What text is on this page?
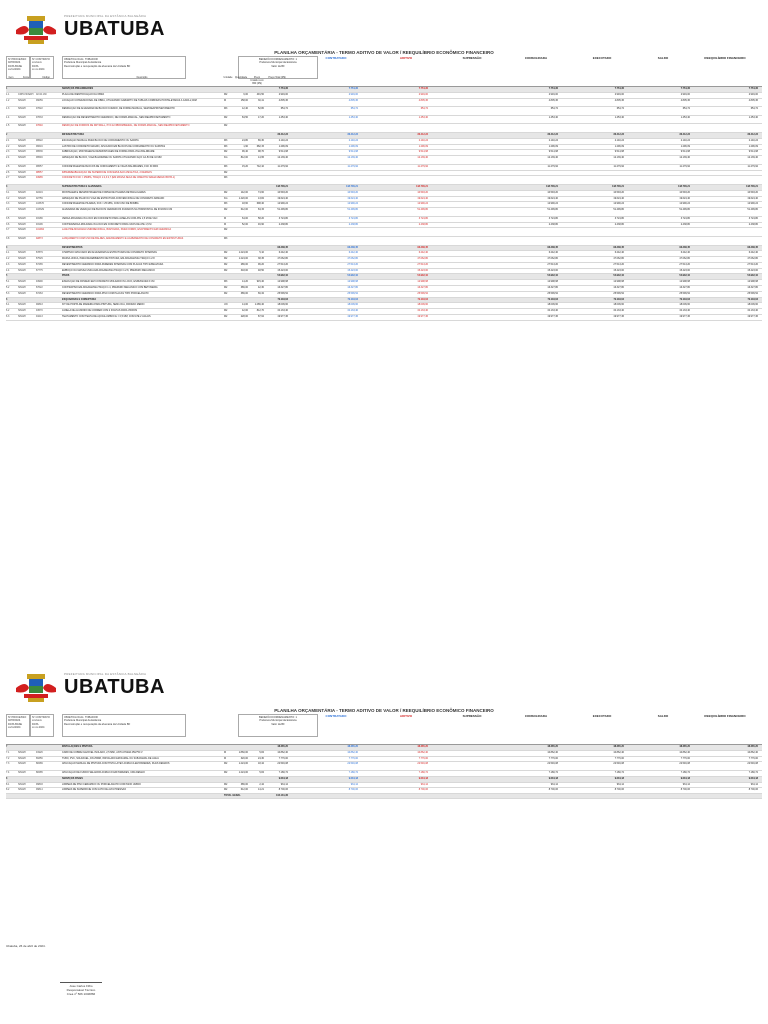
PREFEITURA MUNICIPAL DA ESTÂNCIA BALNEÁRIA
UBATUBA
PLANILHA ORÇAMENTÁRIA - TERMO ADITIVO DE VALOR / REEQUILÍBRIO ECONÔMICO FINANCEIRO
Nº PROCESSO
9278/2024
DATA BASE
xx/xx/2024
Nº CONTRATO
xxx/xxxx
DATA
xx.xx.2024
OBJETO/LOCAL: TOBADOR
Prefeitura Municipal da Estância
Reconstrução e recuperação da alvenaria da Unidade BF
BENEFÍCIO/ORDENAMENTO: 1
Prefeitura Municipal da Estância
Valor da BF
CONTRATADO	ADITIVO	SUPRESSÃO	CONSOLIDADA	EXECUTADO	SALDO	REEQUILÍBRIO FINANCEIRO
Item	Fonte	Código	Descrição	Unidade Quantidade	Preço Unitário com BDI (R$)
Preço Total (R$)
1	SERVIÇOS PRELIMINARES	7.754,36	7.754,36	7.754,36	7.754,36	7.754,36	7.754,36	7.754,36
1.1	CDHU/SINAPI 02.02.130	PLACA DE IDENTIFICAÇÃO DA OBRA	M2	6,00	491,50	2.949,00	2.949,00	2.949,00	2.949,00	2.949,00	2.949,00	2.949,00
1.2	SINAPI	99059	LOCAÇÃO CONVENCIONAL DE OBRA, UTILIZANDO GABARITO DE TÁBUAS CORRIDAS PONTALETADAS A CADA 2,00M	M	158,00	30,41	4.805,36	4.805,36	4.805,36	4.805,36	4.805,36	4.805,36	4.805,36
1.3	SINAPI	97622	DEMOLIÇÃO DE ALVENARIA DE BLOCO FURADO, DE FORMA MANUAL, SEM REAPROVEITAMENTO	M3	12,40	52,80	654,72	654,72	654,72	654,72	654,72	654,72	654,72
1.4	SINAPI	97633	DEMOLIÇÃO DE REVESTIMENTO CERÂMICO, DE FORMA MANUAL, SEM REAPROVEITAMENTO	M2	84,50	17,20	1.453,40	1.453,40	1.453,40	1.453,40	1.453,40	1.453,40	1.453,40
1.5	SINAPI	97640	REMOÇÃO DE FORROS DE DRYWALL, PVC E FIBROMINERAL, DE FORMA MANUAL, SEM REAPROVEITAMENTO	M2
2	INFRAESTRUTURA	36.412,22	36.412,22	36.412,22	36.412,22	36.412,22	36.412,22	36.412,22
2.1	SINAPI	96522	ESCAVAÇÃO MANUAL PARA BLOCO DE COROAMENTO OU SAPATA	M3	24,80	86,30	2.140,24	2.140,24	2.140,24	2.140,24	2.140,24	2.140,24	2.140,24
2.2	SINAPI	96616	LASTRO DE CONCRETO MAGRO, APLICADO EM BLOCOS DE COROAMENTO OU SAPATAS	M3	1,90	682,15	1.296,09	1.296,09	1.296,09	1.296,09	1.296,09	1.296,09	1.296,09
2.3	SINAPI	96536	FABRICAÇÃO, MONTAGEM E DESMONTAGEM DE FÔRMA PARA VIGA BALDRAME	M2	96,40	98,70	9.514,68	9.514,68	9.514,68	9.514,68	9.514,68	9.514,68	9.514,68
2.4	SINAPI	96546	ARMAÇÃO DE BLOCO, VIGA BALDRAME OU SAPATA UTILIZANDO AÇO CA-50 DE 10 MM	KG	812,00	14,95	12.139,40	12.139,40	12.139,40	12.139,40	12.139,40	12.139,40	12.139,40
2.5	SINAPI	96557	CONCRETAGEM DE BLOCOS DE COROAMENTO E VIGAS BALDRAMES, FCK 30 MPA	M3	15,20	742,10	11.279,92	11.279,92	11.279,92	11.279,92	11.279,92	11.279,92	11.279,92
2.6	SINAPI	98557	IMPERMEABILIZAÇÃO DE SUPERFÍCIE COM EMULSÃO ASFÁLTICA, 2 DEMÃOS	M2
2.7	SINAPI	94965	CONCRETO FCK = 25MPA, TRAÇO 1:2,3:2,7 (EM MASSA SECA DE CIMENTO/ AREIA MÉDIA/ BRITA 1)	M3
3	SUPRAESTRUTURA E ALVENARIA	118.706,21	118.706,21	118.706,21	118.706,21	118.706,21	118.706,21	118.706,21
3.1	SINAPI	92419	MONTAGEM E DESMONTAGEM DE FÔRMA DE PILARES RETANGULARES	M2	142,00	74,60	10.593,20	10.593,20	10.593,20	10.593,20	10.593,20	10.593,20	10.593,20
3.2	SINAPI	92759	ARMAÇÃO DE PILAR OU VIGA DE ESTRUTURA CONVENCIONAL DE CONCRETO ARMADO	KG	1.420,00	13,82	19.624,40	19.624,40	19.624,40	19.624,40	19.624,40	19.624,40	19.624,40
3.3	SINAPI	103670	CONCRETAGEM DE PILARES, FCK = 25 MPA, COM USO DE BOMBA	M3	18,60	698,40	12.990,24	12.990,24	12.990,24	12.990,24	12.990,24	12.990,24	12.990,24
3.4	SINAPI	103329	ALVENARIA DE VEDAÇÃO DE BLOCOS CERÂMICOS FURADOS NA HORIZONTAL DE 9X19X19 CM	M2	612,00	84,15	51.499,80	51.499,80	51.499,80	51.499,80	51.499,80	51.499,80	51.499,80
3.5	SINAPI	93186	VERGA MOLDADA IN LOCO EM CONCRETO PARA JANELAS COM ATÉ 1,5 M DE VÃO	M	64,00	58,20	3.724,80	3.724,80	3.724,80	3.724,80	3.724,80	3.724,80	3.724,80
3.6	SINAPI	93196	CONTRAVERGA MOLDADA IN LOCO EM CONCRETO PARA VÃOS DE ATÉ 1,5 M	M	52,00	46,90	2.438,80	2.438,80	2.438,80	2.438,80	2.438,80	2.438,80	2.438,80
3.7	SINAPI	101964	LAJE PRÉ-MOLDADA UNIDIRECIONAL, BIAPOIADA, PARA FORRO, ENCHIMENTO EM CERÂMICA	M2
3.8	SINAPI	92873	LANÇAMENTO COM USO DE BALDES, ADENSAMENTO E ACABAMENTO DE CONCRETO EM ESTRUTURAS	M3
4	REVESTIMENTOS	96.238,45	96.238,45	96.238,45	96.238,45	96.238,45	96.238,45	96.238,45
4.1	SINAPI	87879	CHAPISCO APLICADO EM ALVENARIAS E ESTRUTURAS DE CONCRETO INTERNAS	M2	1.224,00	5,10	6.242,40	6.242,40	6.242,40	6.242,40	6.242,40	6.242,40	6.242,40
4.2	SINAPI	87529	MASSA ÚNICA, PARA RECEBIMENTO DE PINTURA, EM ARGAMASSA TRAÇO 1:2:8	M2	1.224,00	38,45	47.062,80	47.062,80	47.062,80	47.062,80	47.062,80	47.062,80	47.062,80
4.3	SINAPI	87265	REVESTIMENTO CERÂMICO PARA PAREDES INTERNAS COM PLACAS TIPO ESMALTADA	M2	286,00	96,20	27.513,20	27.513,20	27.513,20	27.513,20	27.513,20	27.513,20	27.513,20
4.4	SINAPI	87775	EMBOÇO OU MASSA ÚNICA EM ARGAMASSA TRAÇO 1:2:8, PREPARO MECÂNICO	M2	318,00	48,50	15.423,00	15.423,00	15.423,00	15.423,00	15.423,00	15.423,00	15.423,00
5	PISOS	54.902,10	54.902,10	54.902,10	54.902,10	54.902,10	54.902,10	54.902,10
5.1	SINAPI	94990	EXECUÇÃO DE PASSEIO EM CONCRETO MOLDADO IN LOCO, ESPESSURA 6 CM	M3	14,20	915,40	12.998,68	12.998,68	12.998,68	12.998,68	12.998,68	12.998,68	12.998,68
5.2	SINAPI	87622	CONTRAPISO EM ARGAMASSA TRAÇO 1:4, PREPARO MECÂNICO COM BETONEIRA	M2	386,00	42,30	16.327,80	16.327,80	16.327,80	16.327,80	16.327,80	16.327,80	16.327,80
5.3	SINAPI	87263	REVESTIMENTO CERÂMICO PARA PISO COM PLACAS TIPO PORCELANATO	M2	386,00	66,32	25.599,52	25.599,52	25.599,52	25.599,52	25.599,52	25.599,52	25.599,52
6	ESQUADRIAS E COBERTURA	72.118,64	72.118,64	72.118,64	72.118,64	72.118,64	72.118,64	72.118,64
6.1	SINAPI	90843	KIT DE PORTA DE MADEIRA PARA PINTURA, SEMI-OCA, PADRÃO MÉDIO	UN	14,00	1.286,40	18.009,60	18.009,60	18.009,60	18.009,60	18.009,60	18.009,60	18.009,60
6.2	SINAPI	94570	JANELA DE ALUMÍNIO DE CORRER COM 2 FOLHAS PARA VIDROS	M2	42,00	812,70	34.133,40	34.133,40	34.133,40	34.133,40	34.133,40	34.133,40	34.133,40
6.3	SINAPI	94213	TELHAMENTO COM TELHA DE AÇO/ALUMÍNIO E = 0,5 MM, COM ATÉ 2 ÁGUAS	M2	228,00	87,62	19.977,36	19.977,36	19.977,36	19.977,36	19.977,36	19.977,36	19.977,36
PREFEITURA MUNICIPAL DA ESTÂNCIA BALNEÁRIA
UBATUBA
PLANILHA ORÇAMENTÁRIA - TERMO ADITIVO DE VALOR / REEQUILÍBRIO ECONÔMICO FINANCEIRO
Nº PROCESSO
9278/2024
DATA BASE
xx/xx/2024
Nº CONTRATO
xxx/xxxx
DATA
xx.xx.2024
OBJETO/LOCAL: TOBADOR
Prefeitura Municipal da Estância
Reconstrução e recuperação da alvenaria da Unidade BF
BENEFÍCIO/ORDENAMENTO: 1
Prefeitura Municipal da Estância
Valor da BF
CONTRATADO	ADITIVO	SUPRESSÃO	CONSOLIDADA	EXECUTADO	SALDO	REEQUILÍBRIO FINANCEIRO
7	INSTALAÇÕES E PINTURA	48.365,20	48.365,20	48.365,20	48.365,20	48.365,20	48.365,20	48.365,20
7.1	SINAPI	91926	CABO DE COBRE FLEXÍVEL ISOLADO, 2,5 MM², ANTI-CHAMA 450/750 V	M	1.860,00	5,84	10.862,40	10.862,40	10.862,40	10.862,40	10.862,40	10.862,40	10.862,40
7.2	SINAPI	89356	TUBO, PVC, SOLDÁVEL, DN 25MM, INSTALADO EM RAMAL OU SUB-RAMAL DE ÁGUA	M	320,00	24,30	7.776,00	7.776,00	7.776,00	7.776,00	7.776,00	7.776,00	7.776,00
7.3	SINAPI	88489	APLICAÇÃO MANUAL DE PINTURA COM TINTA LÁTEX ACRÍLICA EM PAREDES, DUAS DEMÃOS	M2	1.224,00	18,42	22.546,08	22.546,08	22.546,08	22.546,08	22.546,08	22.546,08	22.546,08
7.4	SINAPI	88485	APLICAÇÃO DE FUNDO SELADOR ACRÍLICO EM PAREDES, UMA DEMÃO	M2	1.224,00	5,84	7.180,72	7.180,72	7.180,72	7.180,72	7.180,72	7.180,72	7.180,72
8	SERVIÇOS FINAIS	9.634,18	9.634,18	9.634,18	9.634,18	9.634,18	9.634,18	9.634,18
8.1	SINAPI	99803	LIMPEZA DE PISO CERÂMICO OU PORCELANATO COM PANO ÚMIDO	M2	386,00	2,42	934,12	934,12	934,12	934,12	934,12	934,12	934,12
8.2	SINAPI	99814	LIMPEZA DE SUPERFÍCIE COM JATO DE ALTA PRESSÃO	M2	612,00	14,21	8.700,06	8.700,06	8.700,06	8.700,06	8.700,06	8.700,06	8.700,06
TOTAL GERAL	444.131,36
Ubatuba, 26 de abril de 2024.
Jose Carlos Filho
Responsável Técnico
Crea nº 506 1046866
